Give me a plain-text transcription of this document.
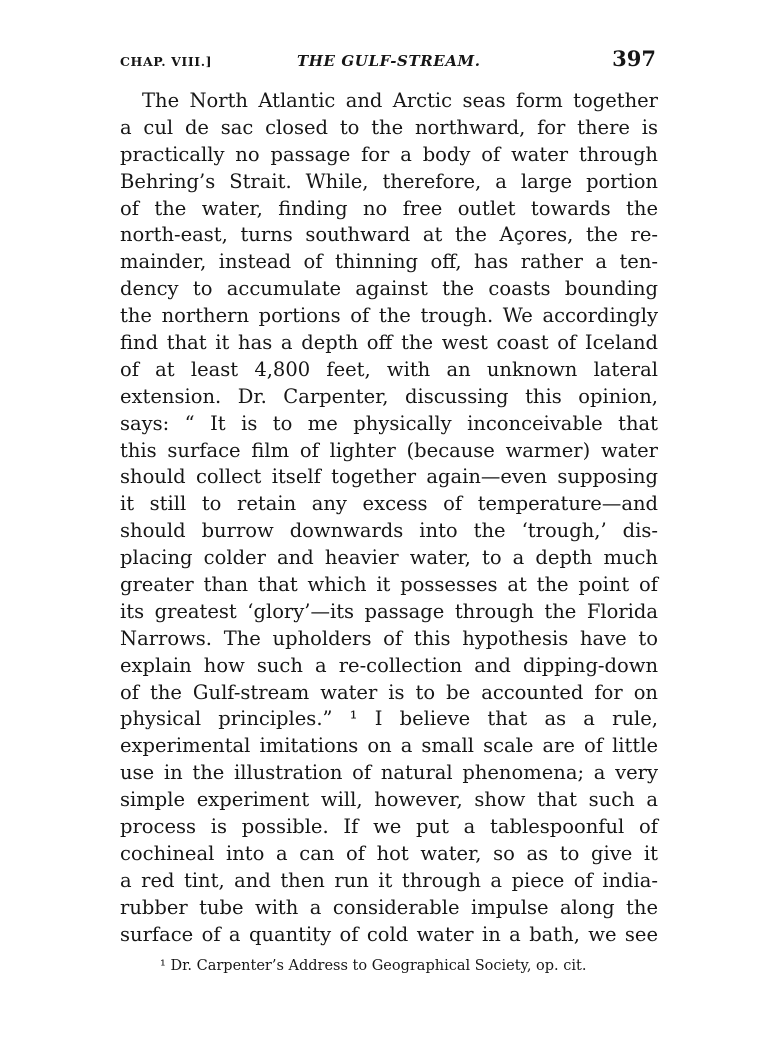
CHAP. VIII.]	THE GULF-STREAM.	397
The North Atlantic and Arctic seas form together
a cul de sac closed to the northward, for there is
practically no passage for a body of water through
Behring’s Strait. While, therefore, a large portion
of the water, finding no free outlet towards the
north-east, turns southward at the Açores, the re-
mainder, instead of thinning off, has rather a ten-
dency to accumulate against the coasts bounding
the northern portions of the trough. We accordingly
find that it has a depth off the west coast of Iceland
of at least 4,800 feet, with an unknown lateral
extension. Dr. Carpenter, discussing this opinion,
says: “ It is to me physically inconceivable that
this surface film of lighter (because warmer) water
should collect itself together again—even supposing
it still to retain any excess of temperature—and
should burrow downwards into the ‘trough,’ dis-
placing colder and heavier water, to a depth much
greater than that which it possesses at the point of
its greatest ‘glory’—its passage through the Florida
Narrows. The upholders of this hypothesis have to
explain how such a re-collection and dipping-down
of the Gulf-stream water is to be accounted for on
physical principles.” ¹ I believe that as a rule,
experimental imitations on a small scale are of little
use in the illustration of natural phenomena; a very
simple experiment will, however, show that such a
process is possible. If we put a tablespoonful of
cochineal into a can of hot water, so as to give it
a red tint, and then run it through a piece of india-
rubber tube with a considerable impulse along the
surface of a quantity of cold water in a bath, we see
¹ Dr. Carpenter’s Address to Geographical Society, op. cit.
